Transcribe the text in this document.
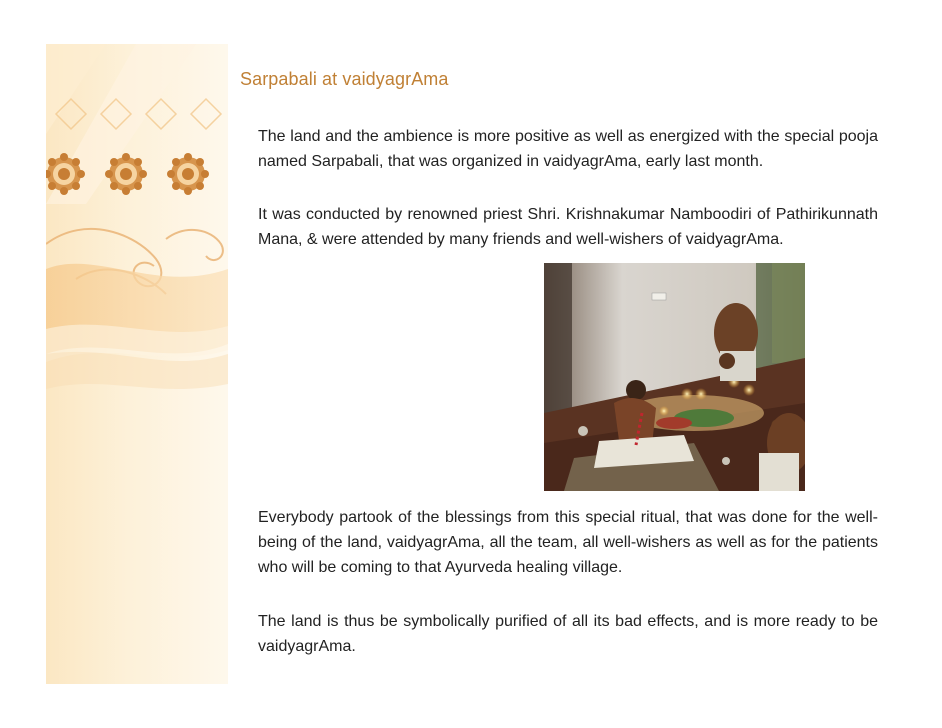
Sarpabali at vaidyagrAma

The land and the ambience is more positive as well as energized with the special pooja named Sarpabali, that was organized in vaidyagrAma, early last month.

It was conducted by renowned priest Shri. Krishnakumar Namboodiri of Pathirikunnath Mana, & were attended by many friends and well-wishers of vaidyagrAma.

Everybody partook of the blessings from this special ritual, that was done for the well-being of the land, vaidyagrAma, all the team, all well-wishers as well as for the patients who will be coming to that Ayurveda healing village.

The land is thus be symbolically purified of all its bad effects, and is more ready to be vaidyagrAma.
